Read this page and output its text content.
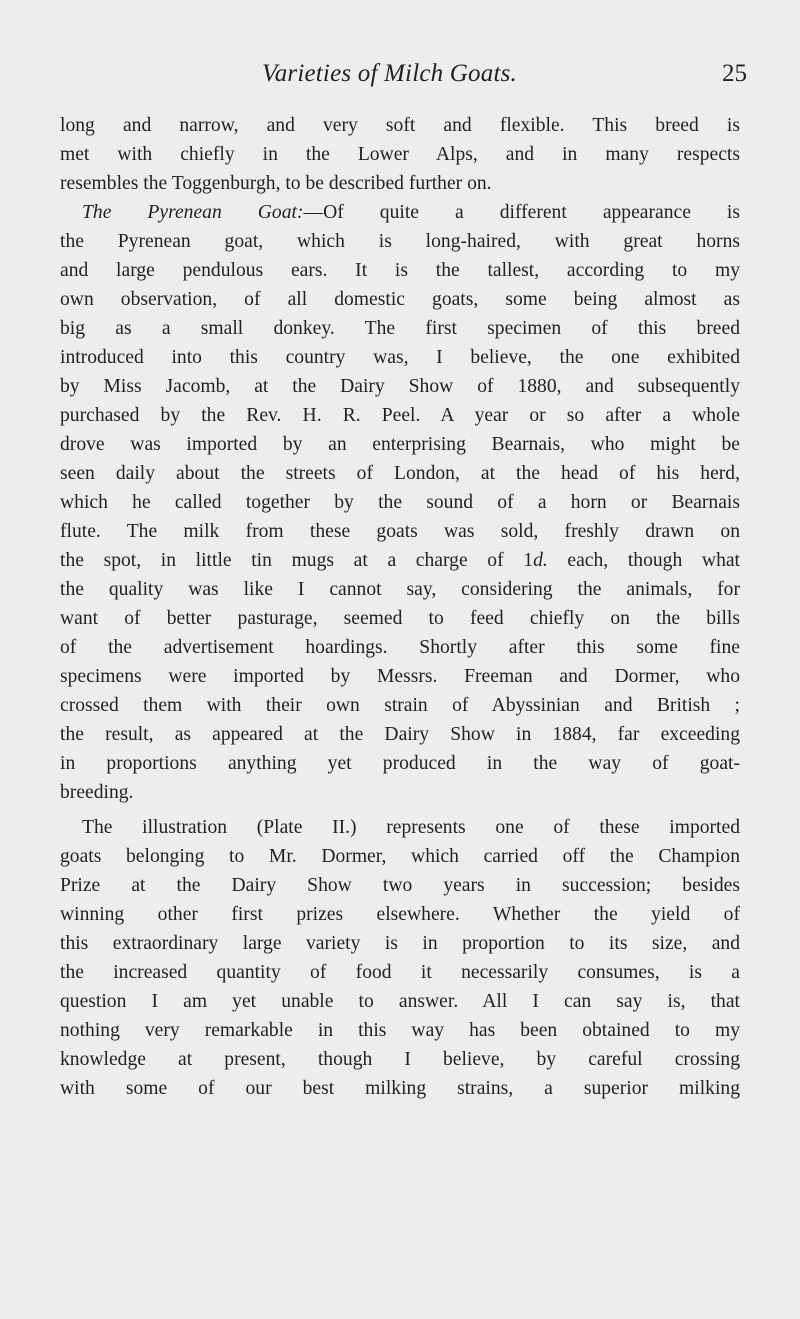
Varieties of Milch Goats.	25
long and narrow, and very soft and flexible. This breed is
met with chiefly in the Lower Alps, and in many respects
resembles the Toggenburgh, to be described further on.
The Pyrenean Goat:—Of quite a different appearance is
the Pyrenean goat, which is long-haired, with great horns
and large pendulous ears. It is the tallest, according to my
own observation, of all domestic goats, some being almost as
big as a small donkey. The first specimen of this breed
introduced into this country was, I believe, the one exhibited
by Miss Jacomb, at the Dairy Show of 1880, and subsequently
purchased by the Rev. H. R. Peel. A year or so after a whole
drove was imported by an enterprising Bearnais, who might be
seen daily about the streets of London, at the head of his herd,
which he called together by the sound of a horn or Bearnais
flute. The milk from these goats was sold, freshly drawn on
the spot, in little tin mugs at a charge of 1d. each, though what
the quality was like I cannot say, considering the animals, for
want of better pasturage, seemed to feed chiefly on the bills
of the advertisement hoardings. Shortly after this some fine
specimens were imported by Messrs. Freeman and Dormer, who
crossed them with their own strain of Abyssinian and British ;
the result, as appeared at the Dairy Show in 1884, far exceeding
in proportions anything yet produced in the way of goat-
breeding.
The illustration (Plate II.) represents one of these imported
goats belonging to Mr. Dormer, which carried off the Champion
Prize at the Dairy Show two years in succession; besides
winning other first prizes elsewhere. Whether the yield of
this extraordinary large variety is in proportion to its size, and
the increased quantity of food it necessarily consumes, is a
question I am yet unable to answer. All I can say is, that
nothing very remarkable in this way has been obtained to my
knowledge at present, though I believe, by careful crossing
with some of our best milking strains, a superior milking
